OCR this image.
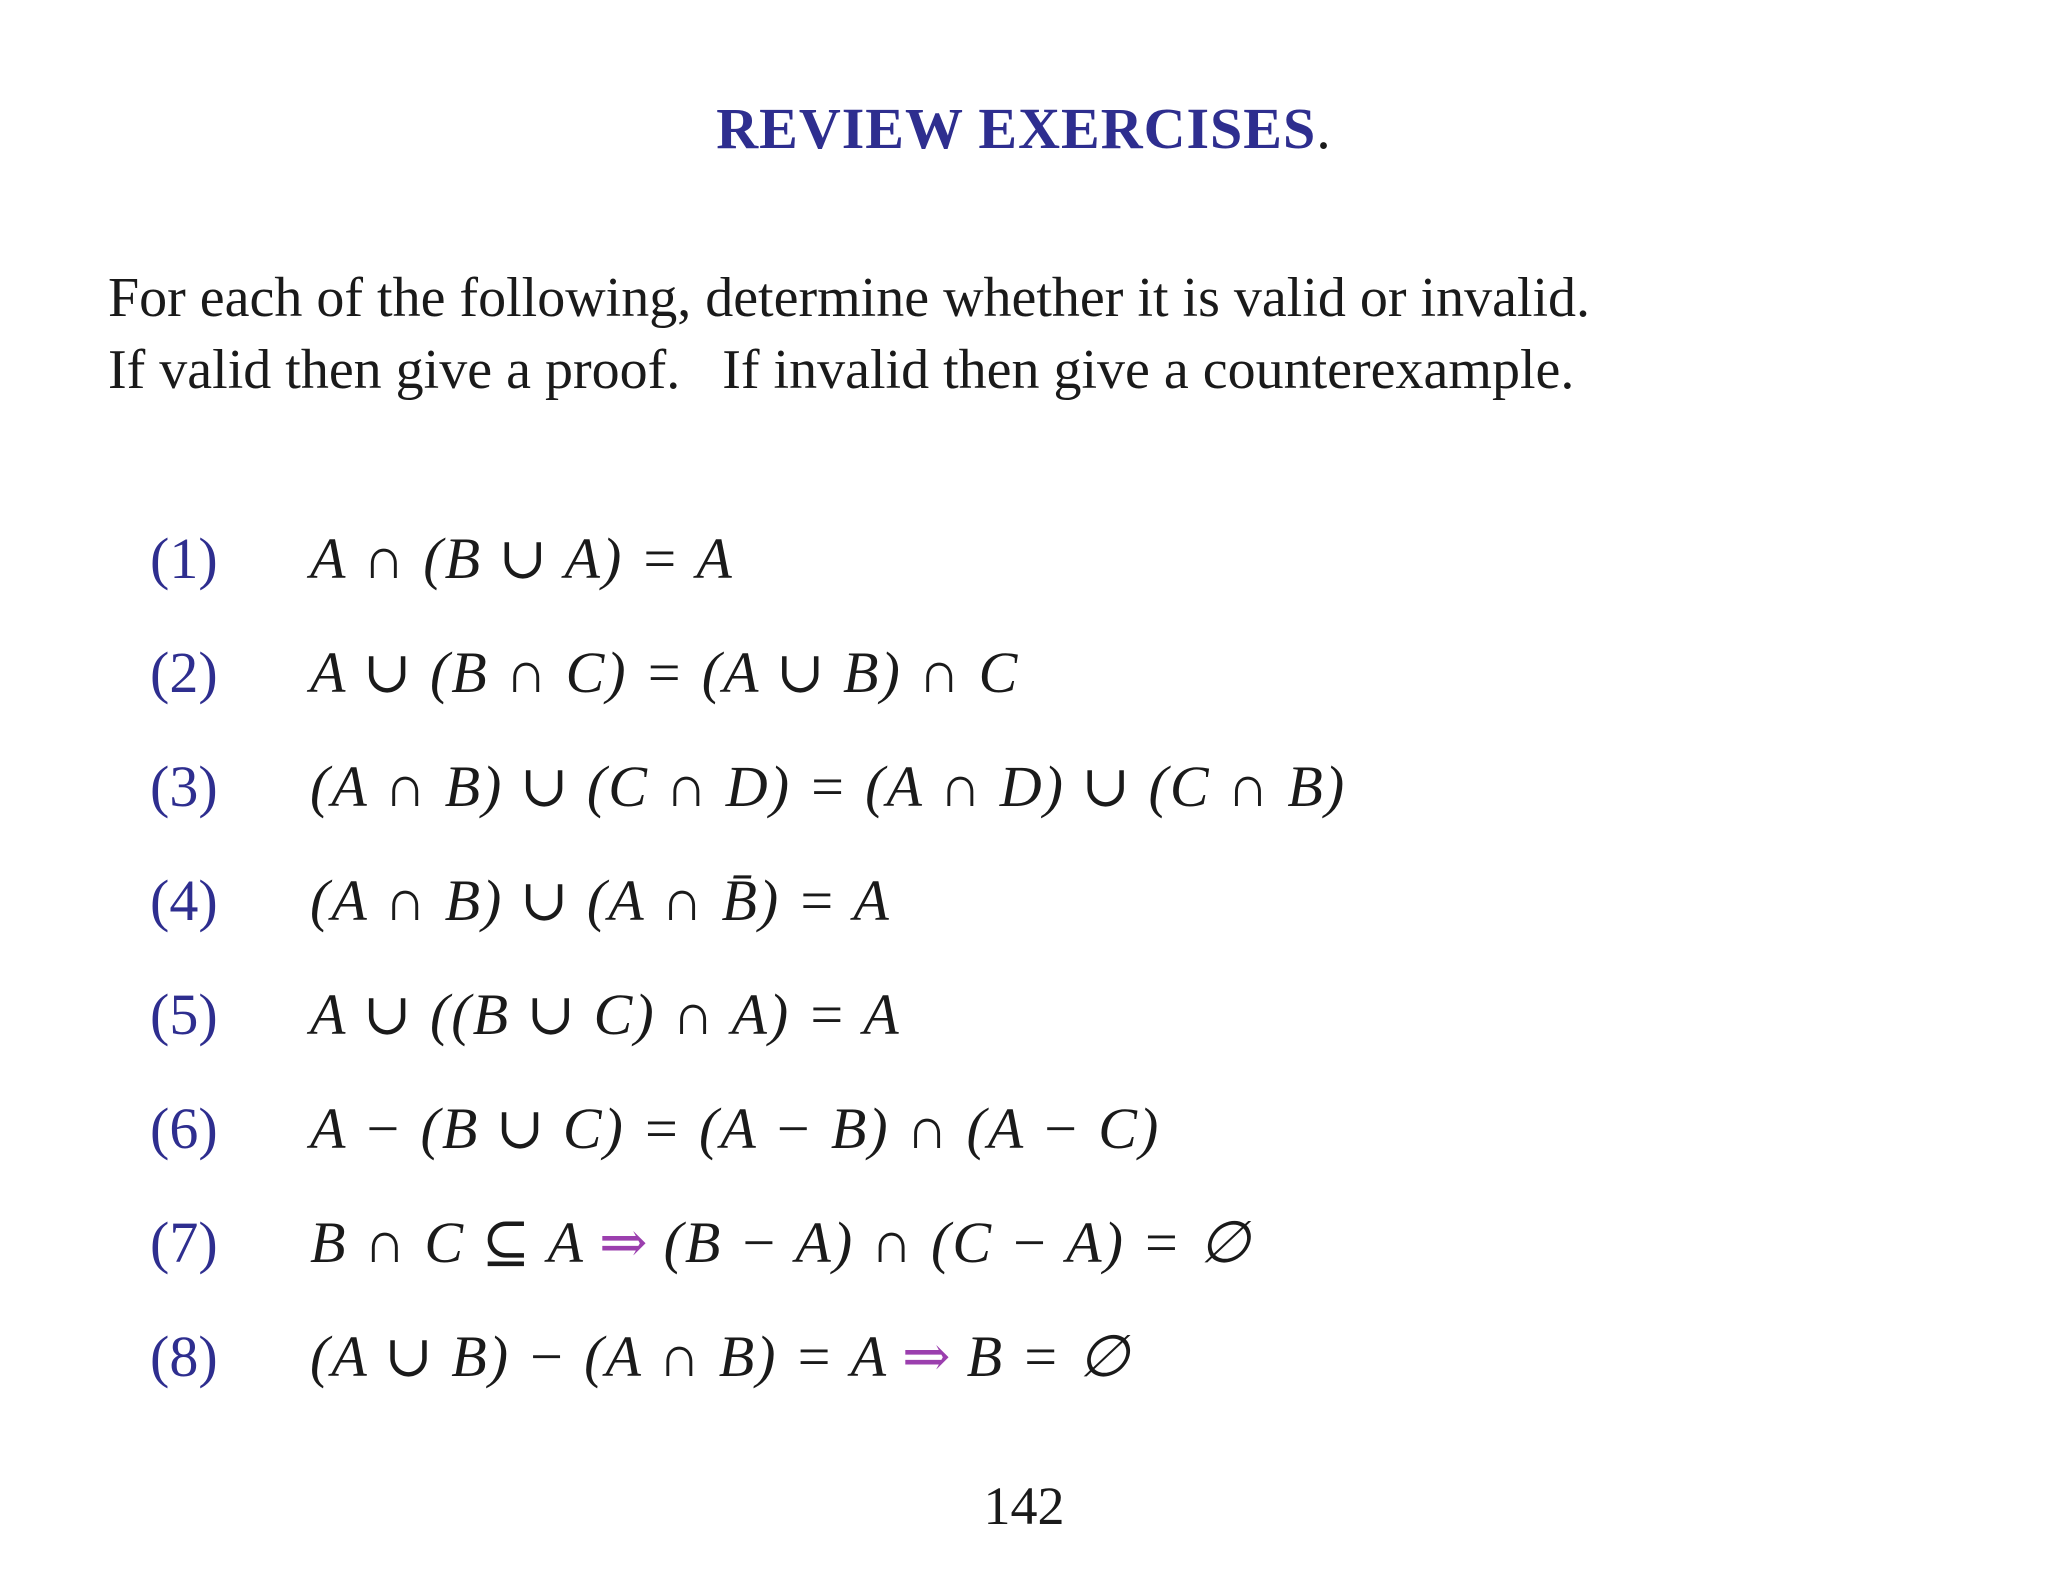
REVIEW EXERCISES.

For each of the following, determine whether it is valid or invalid.

If valid then give a proof.   If invalid then give a counterexample.

(1)	A ∩ (B ∪ A) = A
(2)	A ∪ (B ∩ C) = (A ∪ B) ∩ C
(3)	(A ∩ B) ∪ (C ∩ D) = (A ∩ D) ∪ (C ∩ B)
(4)	(A ∩ B) ∪ (A ∩ B̄) = A
(5)	A ∪ ((B ∪ C) ∩ A) = A
(6)	A − (B ∪ C) = (A − B) ∩ (A − C)
(7)	B ∩ C ⊆ A ⇒ (B − A) ∩ (C − A) = ∅
(8)	(A ∪ B) − (A ∩ B) = A ⇒ B = ∅
142
